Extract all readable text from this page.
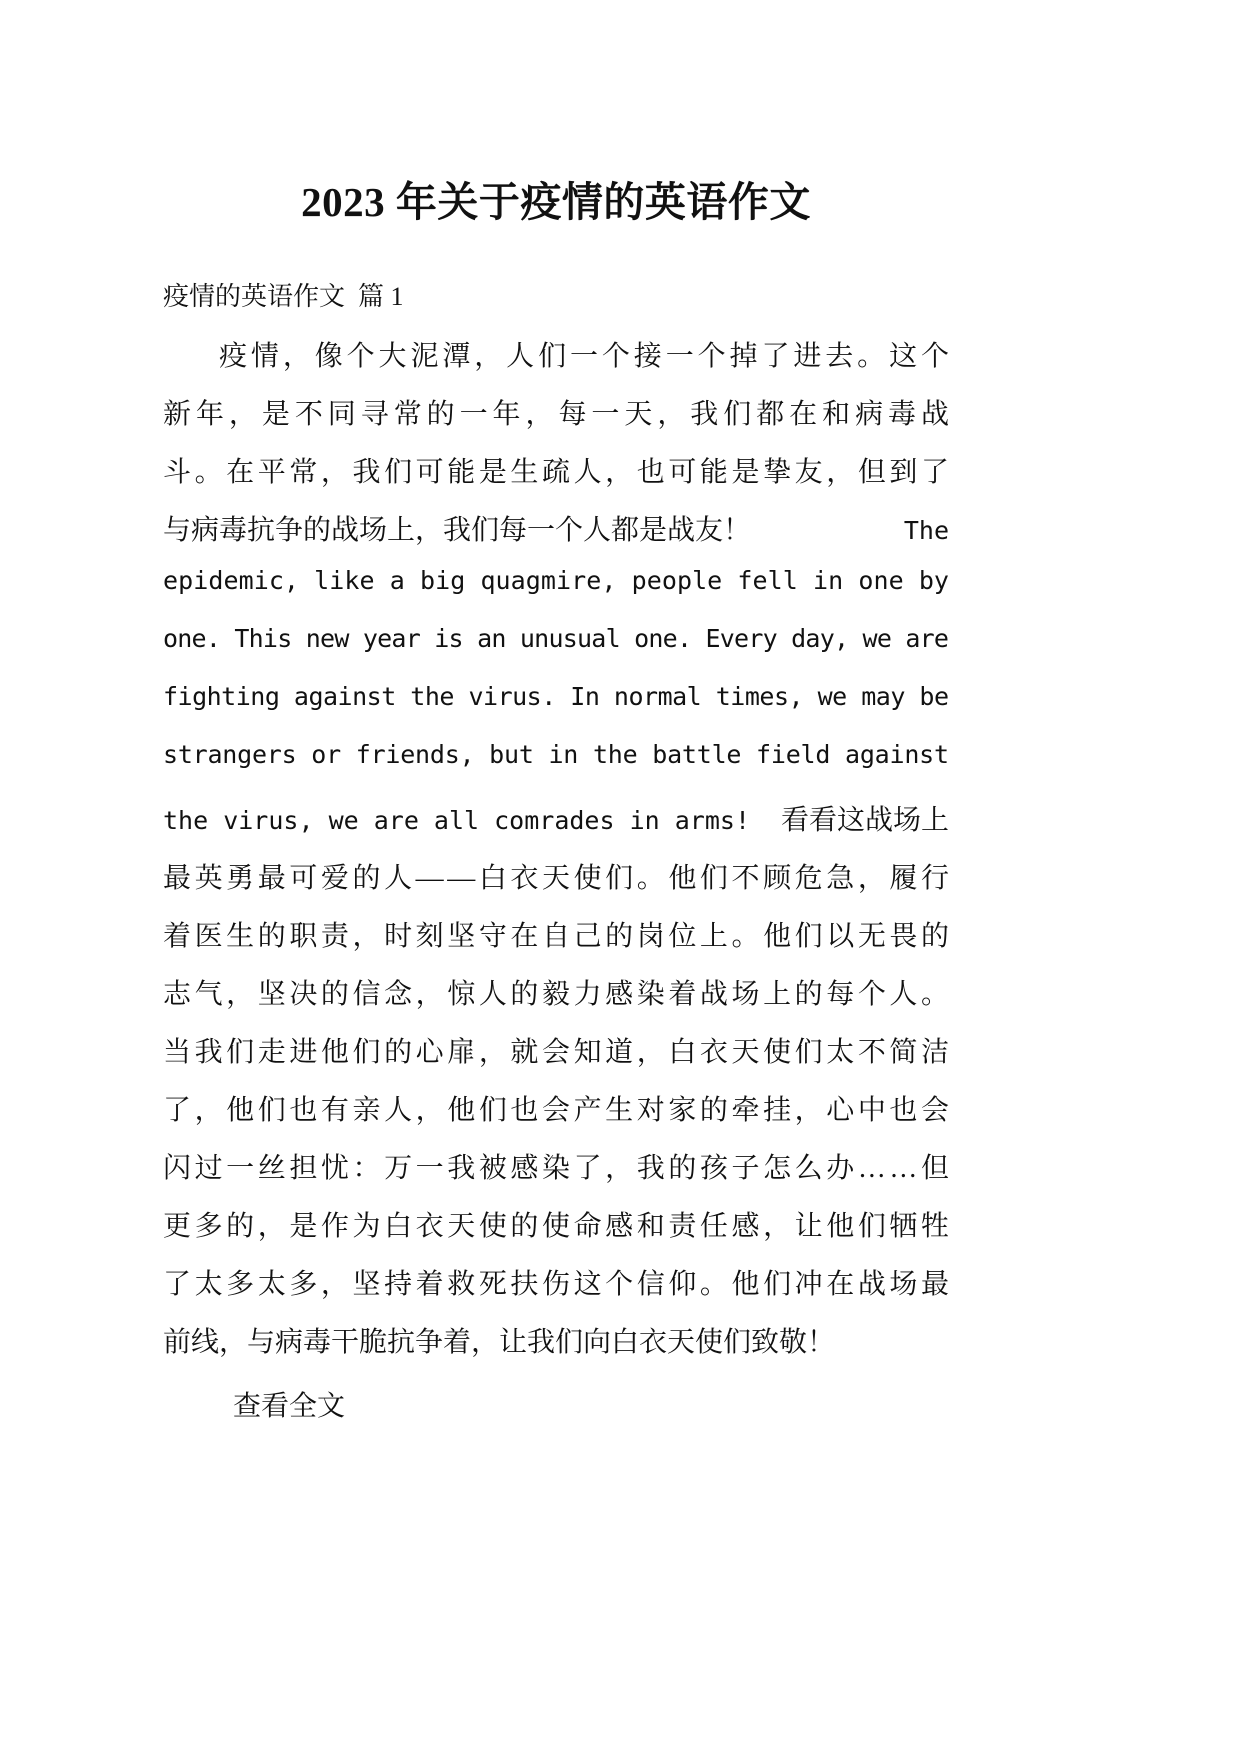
2023 年关于疫情的英语作文

疫情的英语作文  篇 1

疫情，像个大泥潭，人们一个接一个掉了进去。这个
新年，是不同寻常的一年，每一天，我们都在和病毒战
斗。在平常，我们可能是生疏人，也可能是挚友，但到了
与病毒抗争的战场上，我们每一个人都是战友！	The
epidemic, like a big quagmire, people fell in one by
one. This new year is an unusual one. Every day, we are
fighting against the virus. In normal times, we may be
strangers or friends, but in the battle field against
the virus, we are all comrades in arms! 看看这战场上
最英勇最可爱的人——白衣天使们。他们不顾危急，履行
着医生的职责，时刻坚守在自己的岗位上。他们以无畏的
志气，坚决的信念，惊人的毅力感染着战场上的每个人。
当我们走进他们的心扉，就会知道，白衣天使们太不简洁
了，他们也有亲人，他们也会产生对家的牵挂，心中也会
闪过一丝担忧：万一我被感染了，我的孩子怎么办……但
更多的，是作为白衣天使的使命感和责任感，让他们牺牲
了太多太多，坚持着救死扶伤这个信仰。他们冲在战场最
前线，与病毒干脆抗争着，让我们向白衣天使们致敬！
查看全文
